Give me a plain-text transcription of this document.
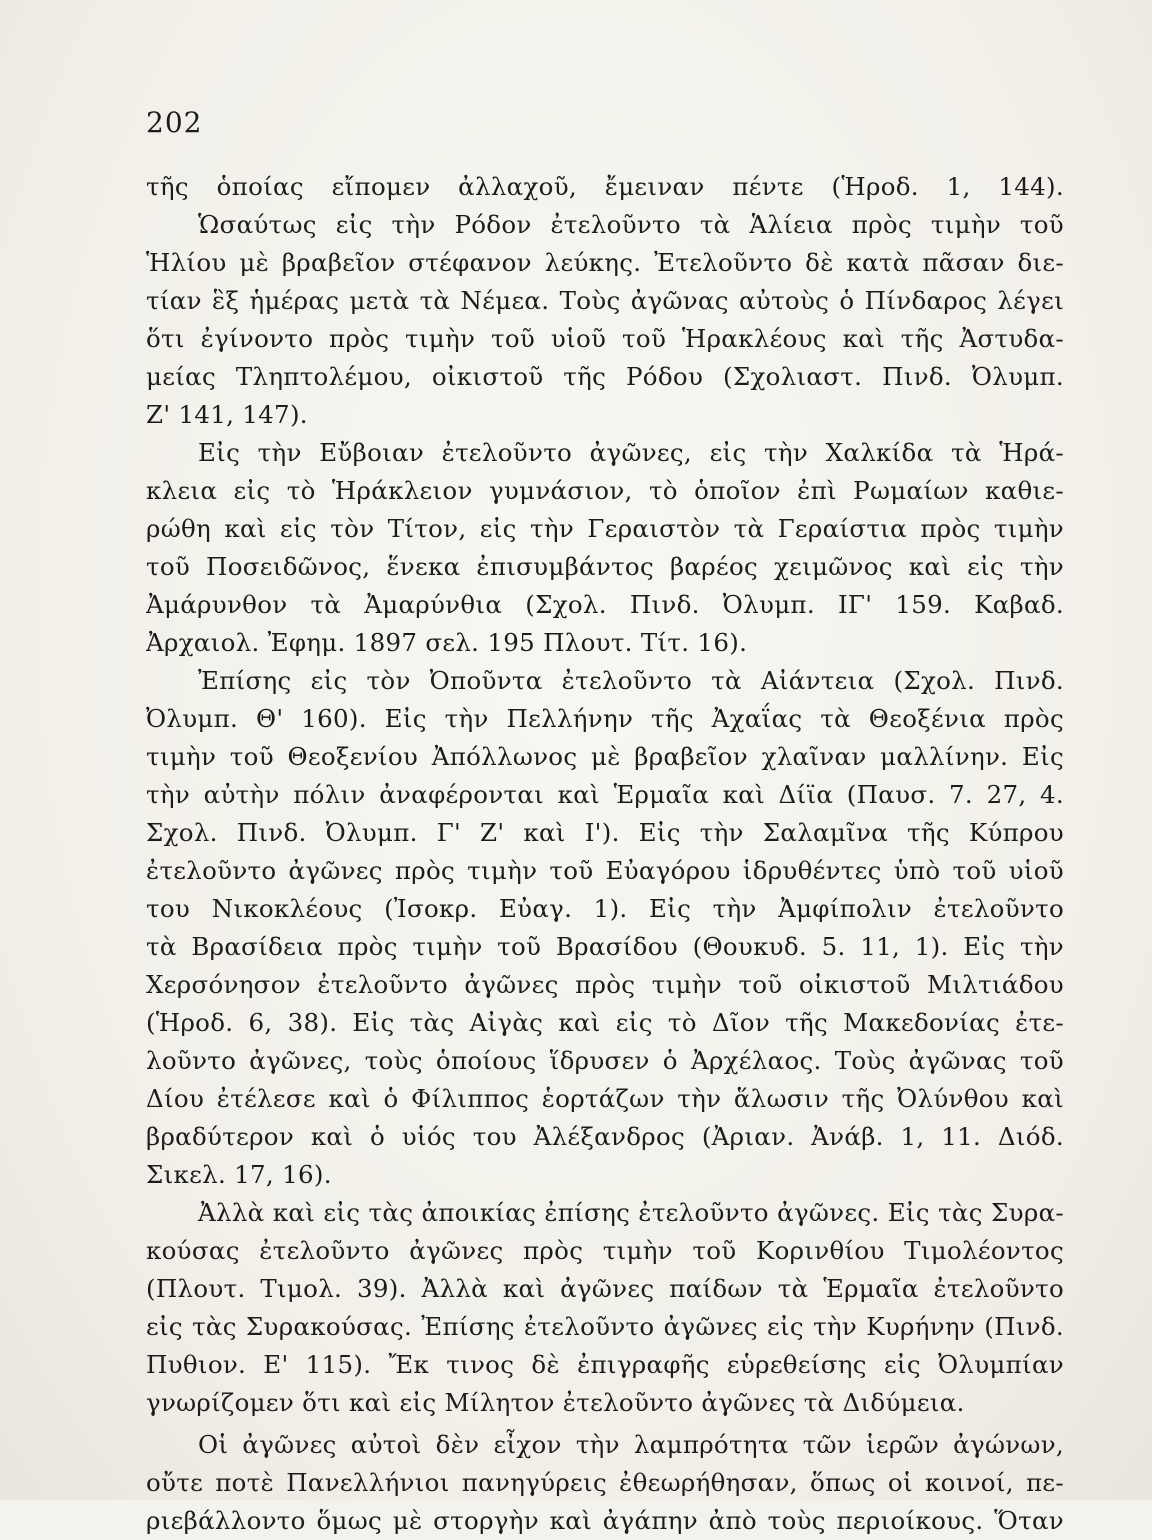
202
τῆς ὁποίας εἴπομεν ἀλλαχοῦ, ἔμειναν πέντε (Ἡροδ. 1, 144).
Ὡσαύτως εἰς τὴν Ρόδον ἐτελοῦντο τὰ Ἁλίεια πρὸς τιμὴν τοῦ
Ἡλίου μὲ βραβεῖον στέφανον λεύκης. Ἐτελοῦντο δὲ κατὰ πᾶσαν διε-
τίαν ἓξ ἡμέρας μετὰ τὰ Νέμεα. Τοὺς ἀγῶνας αὐτοὺς ὁ Πίνδαρος λέγει
ὅτι ἐγίνοντο πρὸς τιμὴν τοῦ υἱοῦ τοῦ Ἡρακλέους καὶ τῆς Ἀστυδα-
μείας Τληπτολέμου, οἰκιστοῦ τῆς Ρόδου (Σχολιαστ. Πινδ. Ὀλυμπ.
Ζ' 141, 147).
Εἰς τὴν Εὔβοιαν ἐτελοῦντο ἀγῶνες, εἰς τὴν Χαλκίδα τὰ Ἡρά-
κλεια εἰς τὸ Ἡράκλειον γυμνάσιον, τὸ ὁποῖον ἐπὶ Ρωμαίων καθιε-
ρώθη καὶ εἰς τὸν Τίτον, εἰς τὴν Γεραιστὸν τὰ Γεραίστια πρὸς τιμὴν
τοῦ Ποσειδῶνος, ἕνεκα ἐπισυμβάντος βαρέος χειμῶνος καὶ εἰς τὴν
Ἀμάρυνθον τὰ Ἀμαρύνθια (Σχολ. Πινδ. Ὀλυμπ. ΙΓ' 159. Καβαδ.
Ἀρχαιολ. Ἐφημ. 1897 σελ. 195 Πλουτ. Τίτ. 16).
Ἐπίσης εἰς τὸν Ὀποῦντα ἐτελοῦντο τὰ Αἰάντεια (Σχολ. Πινδ.
Ὀλυμπ. Θ' 160). Εἰς τὴν Πελλήνην τῆς Ἀχαΐας τὰ Θεοξένια πρὸς
τιμὴν τοῦ Θεοξενίου Ἀπόλλωνος μὲ βραβεῖον χλαῖναν μαλλίνην. Εἰς
τὴν αὐτὴν πόλιν ἀναφέρονται καὶ Ἑρμαῖα καὶ Δίϊα (Παυσ. 7. 27, 4.
Σχολ. Πινδ. Ὀλυμπ. Γ' Ζ' καὶ Ι'). Εἰς τὴν Σαλαμῖνα τῆς Κύπρου
ἐτελοῦντο ἀγῶνες πρὸς τιμὴν τοῦ Εὐαγόρου ἱδρυθέντες ὑπὸ τοῦ υἱοῦ
του Νικοκλέους (Ἰσοκρ. Εὐαγ. 1). Εἰς τὴν Ἀμφίπολιν ἐτελοῦντο
τὰ Βρασίδεια πρὸς τιμὴν τοῦ Βρασίδου (Θουκυδ. 5. 11, 1). Εἰς τὴν
Χερσόνησον ἐτελοῦντο ἀγῶνες πρὸς τιμὴν τοῦ οἰκιστοῦ Μιλτιάδου
(Ἡροδ. 6, 38). Εἰς τὰς Αἰγὰς καὶ εἰς τὸ Δῖον τῆς Μακεδονίας ἐτε-
λοῦντο ἀγῶνες, τοὺς ὁποίους ἵδρυσεν ὁ Ἀρχέλαος. Τοὺς ἀγῶνας τοῦ
Δίου ἐτέλεσε καὶ ὁ Φίλιππος ἑορτάζων τὴν ἅλωσιν τῆς Ὀλύνθου καὶ
βραδύτερον καὶ ὁ υἱός του Ἀλέξανδρος (Ἀριαν. Ἀνάβ. 1, 11. Διόδ.
Σικελ. 17, 16).
Ἀλλὰ καὶ εἰς τὰς ἀποικίας ἐπίσης ἐτελοῦντο ἀγῶνες. Εἰς τὰς Συρα-
κούσας ἐτελοῦντο ἀγῶνες πρὸς τιμὴν τοῦ Κορινθίου Τιμολέοντος
(Πλουτ. Τιμολ. 39). Ἀλλὰ καὶ ἀγῶνες παίδων τὰ Ἑρμαῖα ἐτελοῦντο
εἰς τὰς Συρακούσας. Ἐπίσης ἐτελοῦντο ἀγῶνες εἰς τὴν Κυρήνην (Πινδ.
Πυθιον. Ε' 115). Ἔκ τινος δὲ ἐπιγραφῆς εὑρεθείσης εἰς Ὀλυμπίαν
γνωρίζομεν ὅτι καὶ εἰς Μίλητον ἐτελοῦντο ἀγῶνες τὰ Διδύμεια.
Οἱ ἀγῶνες αὐτοὶ δὲν εἶχον τὴν λαμπρότητα τῶν ἱερῶν ἀγώνων,
οὔτε ποτὲ Πανελλήνιοι πανηγύρεις ἐθεωρήθησαν, ὅπως οἱ κοινοί, πε-
ριεβάλλοντο ὅμως μὲ στοργὴν καὶ ἀγάπην ἀπὸ τοὺς περιοίκους. Ὅταν
